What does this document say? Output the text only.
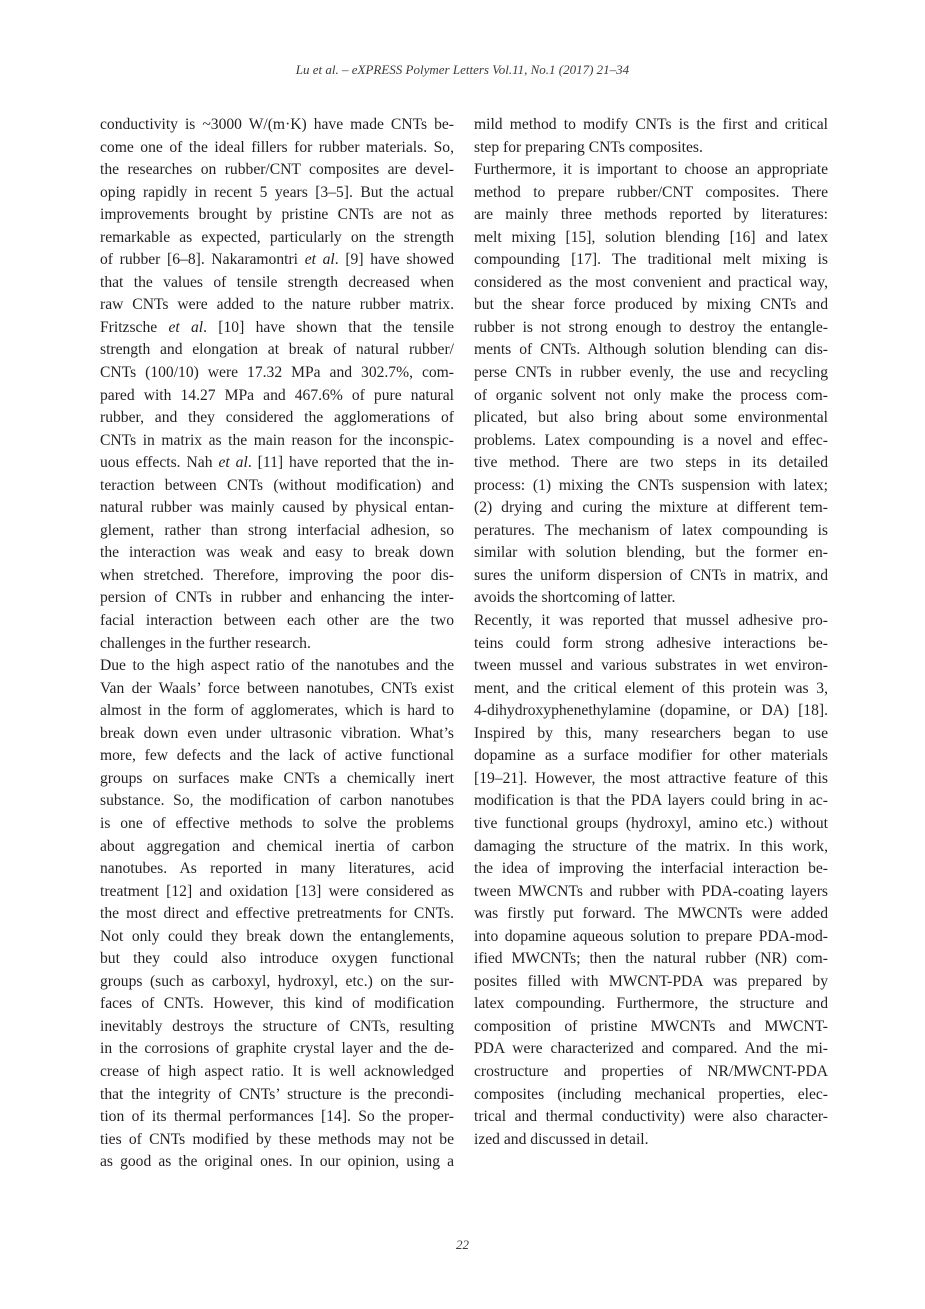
Lu et al. – eXPRESS Polymer Letters Vol.11, No.1 (2017) 21–34
conductivity is ~3000 W/(m·K) have made CNTs be-
come one of the ideal fillers for rubber materials. So,
the researches on rubber/CNT composites are devel-
oping rapidly in recent 5 years [3–5]. But the actual
improvements brought by pristine CNTs are not as
remarkable as expected, particularly on the strength
of rubber [6–8]. Nakaramontri et al. [9] have showed
that the values of tensile strength decreased when
raw CNTs were added to the nature rubber matrix.
Fritzsche et al. [10] have shown that the tensile
strength and elongation at break of natural rubber/
CNTs (100/10) were 17.32 MPa and 302.7%, com-
pared with 14.27 MPa and 467.6% of pure natural
rubber, and they considered the agglomerations of
CNTs in matrix as the main reason for the inconspic-
uous effects. Nah et al. [11] have reported that the in-
teraction between CNTs (without modification) and
natural rubber was mainly caused by physical entan-
glement, rather than strong interfacial adhesion, so
the interaction was weak and easy to break down
when stretched. Therefore, improving the poor dis-
persion of CNTs in rubber and enhancing the inter-
facial interaction between each other are the two
challenges in the further research.
Due to the high aspect ratio of the nanotubes and the
Van der Waals’ force between nanotubes, CNTs exist
almost in the form of agglomerates, which is hard to
break down even under ultrasonic vibration. What’s
more, few defects and the lack of active functional
groups on surfaces make CNTs a chemically inert
substance. So, the modification of carbon nanotubes
is one of effective methods to solve the problems
about aggregation and chemical inertia of carbon
nanotubes. As reported in many literatures, acid
treatment [12] and oxidation [13] were considered as
the most direct and effective pretreatments for CNTs.
Not only could they break down the entanglements,
but they could also introduce oxygen functional
groups (such as carboxyl, hydroxyl, etc.) on the sur-
faces of CNTs. However, this kind of modification
inevitably destroys the structure of CNTs, resulting
in the corrosions of graphite crystal layer and the de-
crease of high aspect ratio. It is well acknowledged
that the integrity of CNTs’ structure is the precondi-
tion of its thermal performances [14]. So the proper-
ties of CNTs modified by these methods may not be
as good as the original ones. In our opinion, using a
mild method to modify CNTs is the first and critical
step for preparing CNTs composites.
Furthermore, it is important to choose an appropriate
method to prepare rubber/CNT composites. There
are mainly three methods reported by literatures:
melt mixing [15], solution blending [16] and latex
compounding [17]. The traditional melt mixing is
considered as the most convenient and practical way,
but the shear force produced by mixing CNTs and
rubber is not strong enough to destroy the entangle-
ments of CNTs. Although solution blending can dis-
perse CNTs in rubber evenly, the use and recycling
of organic solvent not only make the process com-
plicated, but also bring about some environmental
problems. Latex compounding is a novel and effec-
tive method. There are two steps in its detailed
process: (1) mixing the CNTs suspension with latex;
(2) drying and curing the mixture at different tem-
peratures. The mechanism of latex compounding is
similar with solution blending, but the former en-
sures the uniform dispersion of CNTs in matrix, and
avoids the shortcoming of latter.
Recently, it was reported that mussel adhesive pro-
teins could form strong adhesive interactions be-
tween mussel and various substrates in wet environ-
ment, and the critical element of this protein was 3,
4-dihydroxyphenethylamine (dopamine, or DA) [18].
Inspired by this, many researchers began to use
dopamine as a surface modifier for other materials
[19–21]. However, the most attractive feature of this
modification is that the PDA layers could bring in ac-
tive functional groups (hydroxyl, amino etc.) without
damaging the structure of the matrix. In this work,
the idea of improving the interfacial interaction be-
tween MWCNTs and rubber with PDA-coating layers
was firstly put forward. The MWCNTs were added
into dopamine aqueous solution to prepare PDA-mod-
ified MWCNTs; then the natural rubber (NR) com-
posites filled with MWCNT-PDA was prepared by
latex compounding. Furthermore, the structure and
composition of pristine MWCNTs and MWCNT-
PDA were characterized and compared. And the mi-
crostructure and properties of NR/MWCNT-PDA
composites (including mechanical properties, elec-
trical and thermal conductivity) were also character-
ized and discussed in detail.
22
